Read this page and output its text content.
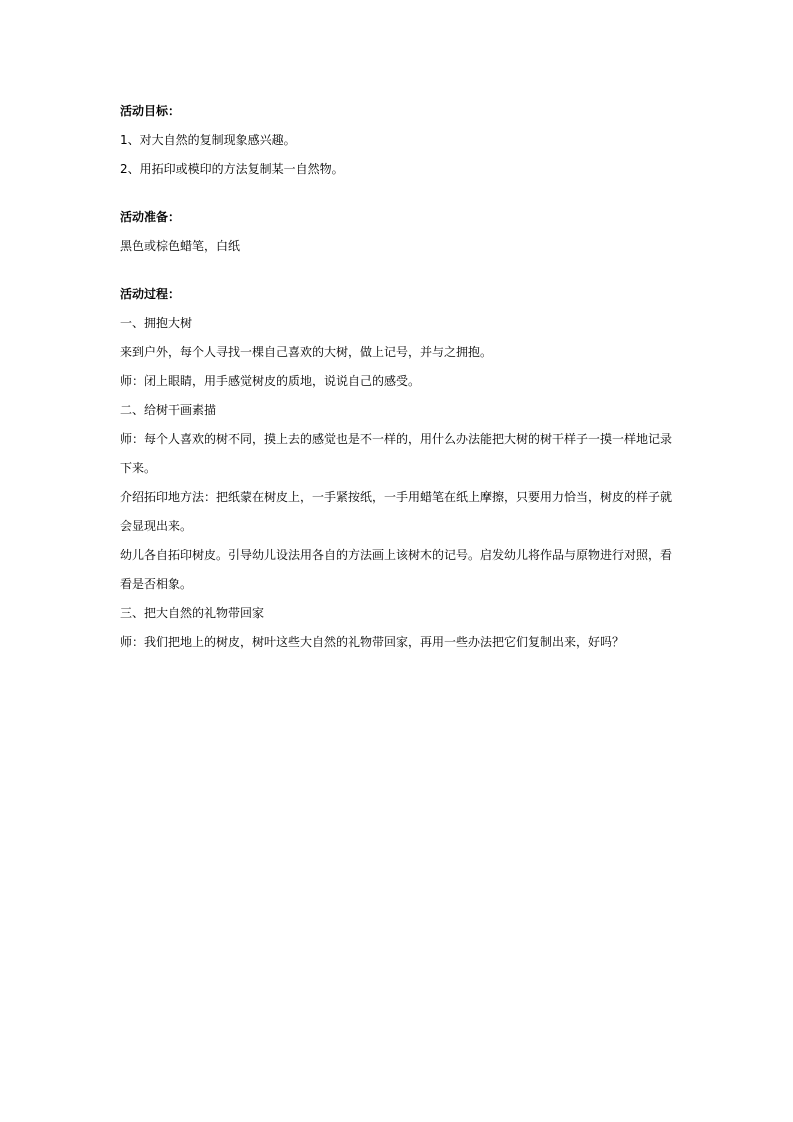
活动目标：

1、对大自然的复制现象感兴趣。

2、用拓印或模印的方法复制某一自然物。

活动准备：

黑色或棕色蜡笔，白纸

活动过程：

一、拥抱大树

来到户外，每个人寻找一棵自己喜欢的大树，做上记号，并与之拥抱。

师：闭上眼睛，用手感觉树皮的质地，说说自己的感受。

二、给树干画素描

师：每个人喜欢的树不同，摸上去的感觉也是不一样的，用什么办法能把大树的树干样子一摸一样地记录

下来。

介绍拓印地方法：把纸蒙在树皮上，一手紧按纸，一手用蜡笔在纸上摩擦，只要用力恰当，树皮的样子就

会显现出来。

幼儿各自拓印树皮。引导幼儿设法用各自的方法画上该树木的记号。启发幼儿将作品与原物进行对照，看

看是否相象。

三、把大自然的礼物带回家

师：我们把地上的树皮，树叶这些大自然的礼物带回家，再用一些办法把它们复制出来，好吗？
